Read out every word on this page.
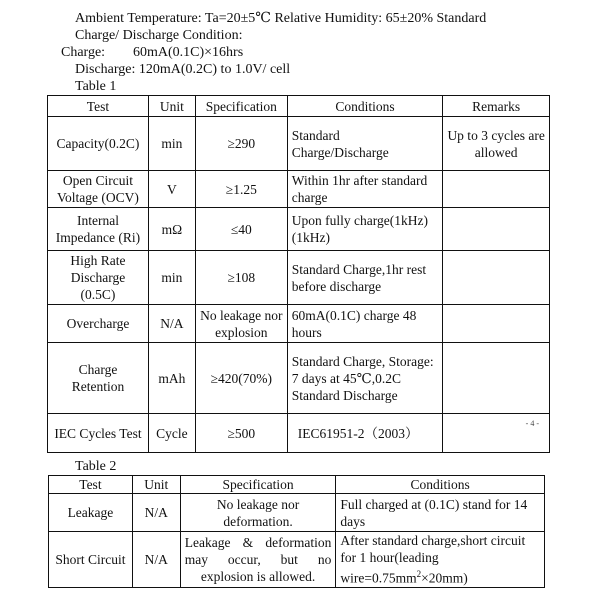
Ambient Temperature: Ta=20±5℃ Relative Humidity: 65±20% Standard
Charge/ Discharge Condition:
Charge: 60mA(0.1C)×16hrs
Discharge: 120mA(0.2C) to 1.0V/ cell
Table 1
Test	Unit	Specification	Conditions	Remarks
Capacity(0.2C)	min	≥290	Standard Charge/Discharge	Up to 3 cycles are allowed
Open Circuit Voltage (OCV)	V	≥1.25	Within 1hr after standard charge	
Internal Impedance (Ri)	mΩ	≤40	Upon fully charge(1kHz) (1kHz)	
High Rate Discharge (0.5C)	min	≥108	Standard Charge,1hr rest before discharge	
Overcharge	N/A	No leakage nor explosion	60mA(0.1C) charge 48 hours	
Charge Retention	mAh	≥420(70%)	Standard Charge, Storage: 7 days at 45℃,0.2C Standard Discharge	
IEC Cycles Test	Cycle	≥500	IEC61951-2（2003）	- 4 -
Table 2
Test	Unit	Specification	Conditions
Leakage	N/A	No leakage nor deformation.	Full charged at (0.1C) stand for 14 days
Short Circuit	N/A	Leakage & deformation may occur, but no explosion is allowed.	After standard charge,short circuit for 1 hour(leading $wire=0.75mm^2\times 20mm$)
